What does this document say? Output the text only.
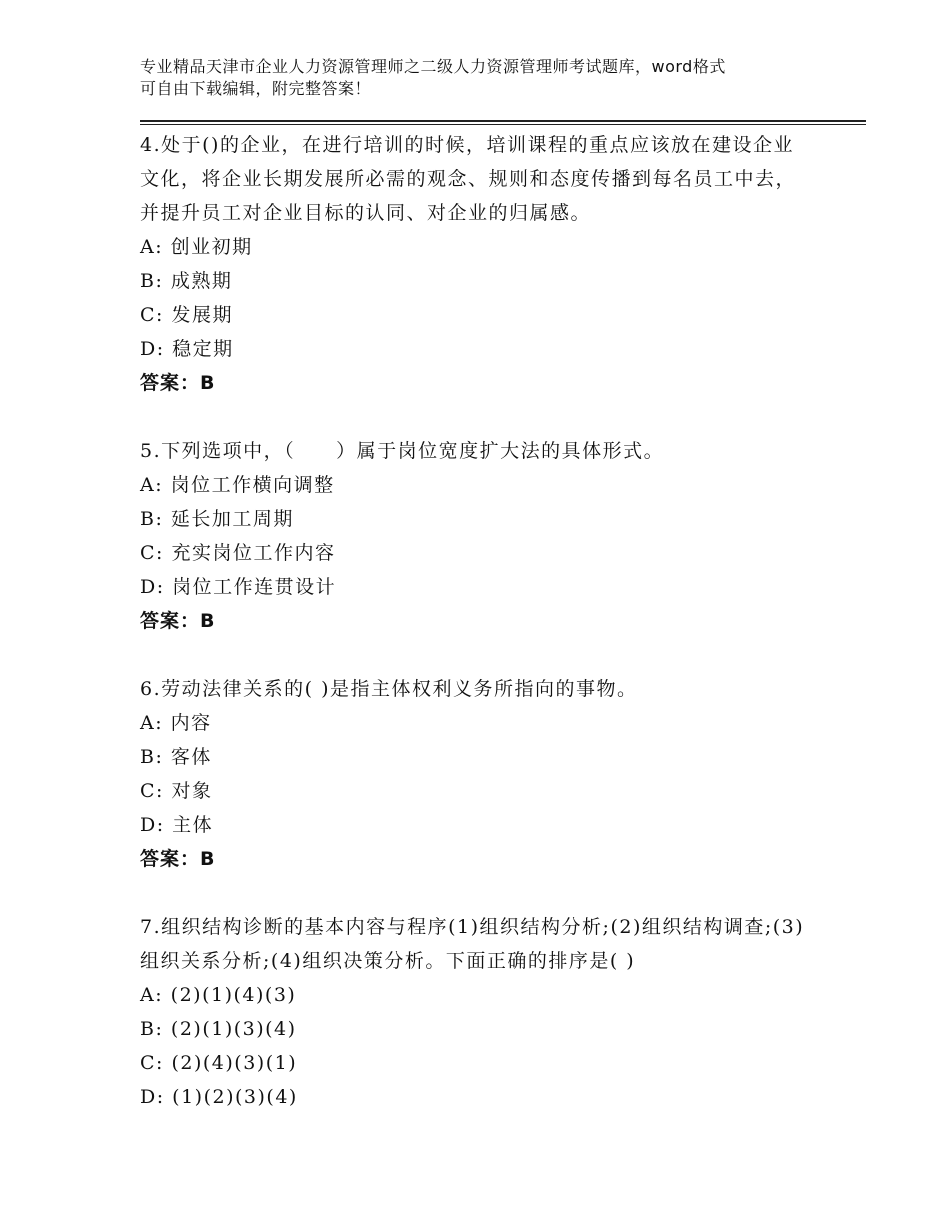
专业精品天津市企业人力资源管理师之二级人力资源管理师考试题库，word格式
可自由下载编辑，附完整答案！

4.处于()的企业，在进行培训的时候，培训课程的重点应该放在建设企业文化，将企业长期发展所必需的观念、规则和态度传播到每名员工中去，并提升员工对企业目标的认同、对企业的归属感。

A: 创业初期
B: 成熟期
C: 发展期
D: 稳定期
答案：B

5.下列选项中，（　　）属于岗位宽度扩大法的具体形式。

A: 岗位工作横向调整
B: 延长加工周期
C: 充实岗位工作内容
D: 岗位工作连贯设计
答案：B

6.劳动法律关系的( )是指主体权利义务所指向的事物。

A: 内容
B: 客体
C: 对象
D: 主体
答案：B

7.组织结构诊断的基本内容与程序(1)组织结构分析;(2)组织结构调查;(3)组织关系分析;(4)组织决策分析。下面正确的排序是( )

A: (2)(1)(4)(3)
B: (2)(1)(3)(4)
C: (2)(4)(3)(1)
D: (1)(2)(3)(4)
